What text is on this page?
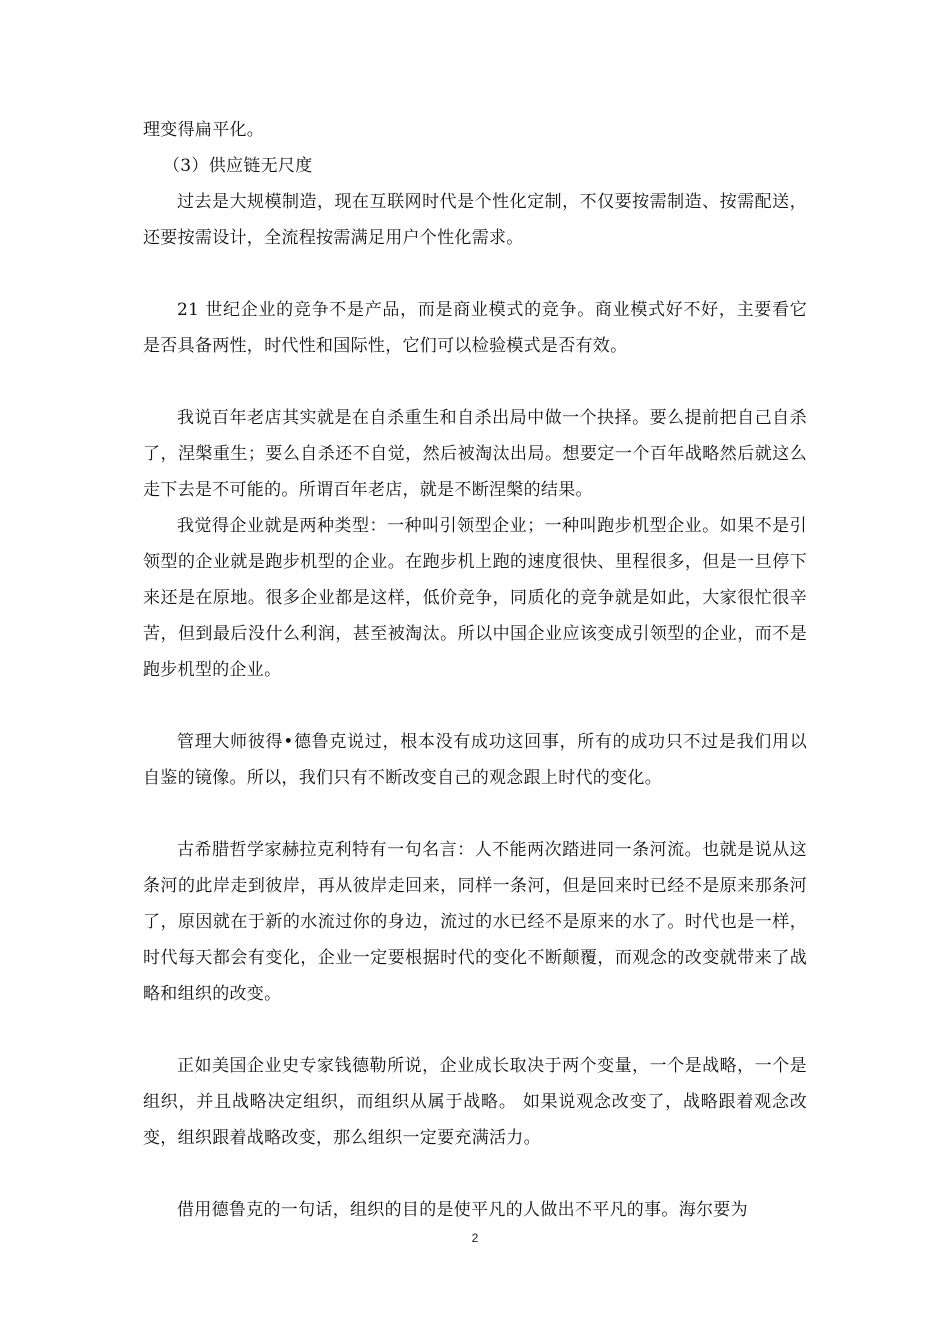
理变得扁平化。

（3）供应链无尺度

过去是大规模制造，现在互联网时代是个性化定制，不仅要按需制造、按需配送，还要按需设计，全流程按需满足用户个性化需求。

21 世纪企业的竞争不是产品，而是商业模式的竞争。商业模式好不好，主要看它是否具备两性，时代性和国际性，它们可以检验模式是否有效。

我说百年老店其实就是在自杀重生和自杀出局中做一个抉择。要么提前把自己自杀了，涅槃重生；要么自杀还不自觉，然后被淘汰出局。想要定一个百年战略然后就这么走下去是不可能的。所谓百年老店，就是不断涅槃的结果。

我觉得企业就是两种类型：一种叫引领型企业；一种叫跑步机型企业。如果不是引领型的企业就是跑步机型的企业。在跑步机上跑的速度很快、里程很多，但是一旦停下来还是在原地。很多企业都是这样，低价竞争，同质化的竞争就是如此，大家很忙很辛苦，但到最后没什么利润，甚至被淘汰。所以中国企业应该变成引领型的企业，而不是跑步机型的企业。

管理大师彼得•德鲁克说过，根本没有成功这回事，所有的成功只不过是我们用以自鉴的镜像。所以，我们只有不断改变自己的观念跟上时代的变化。

古希腊哲学家赫拉克利特有一句名言：人不能两次踏进同一条河流。也就是说从这条河的此岸走到彼岸，再从彼岸走回来，同样一条河，但是回来时已经不是原来那条河了，原因就在于新的水流过你的身边，流过的水已经不是原来的水了。时代也是一样，时代每天都会有变化，企业一定要根据时代的变化不断颠覆，而观念的改变就带来了战略和组织的改变。

正如美国企业史专家钱德勒所说，企业成长取决于两个变量，一个是战略，一个是组织，并且战略决定组织，而组织从属于战略。 如果说观念改变了，战略跟着观念改变，组织跟着战略改变，那么组织一定要充满活力。

借用德鲁克的一句话，组织的目的是使平凡的人做出不平凡的事。海尔要为

2
